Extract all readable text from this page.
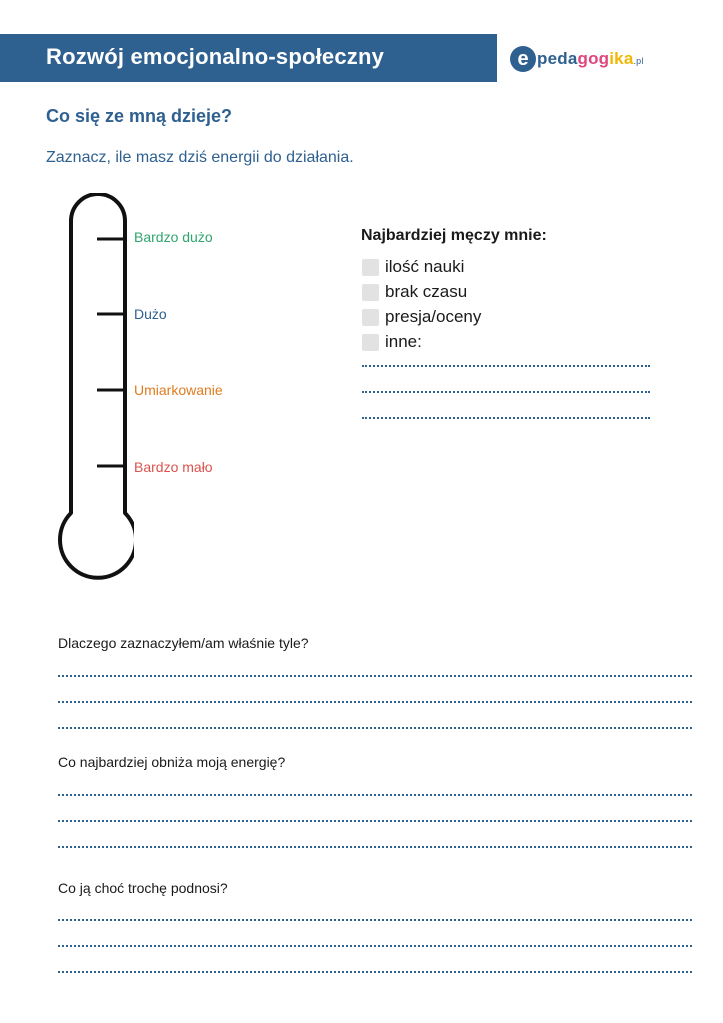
Rozwój emocjonalno-społeczny	e pedagogika.pl
Co się ze mną dzieje?
Zaznacz, ile masz dziś energii do działania.
Bardzo dużo
Dużo
Umiarkowanie
Bardzo mało
Najbardziej męczy mnie:
ilość nauki
brak czasu
presja/oceny
inne:
Dlaczego zaznaczyłem/am właśnie tyle?
Co najbardziej obniża moją energię?
Co ją choć trochę podnosi?
